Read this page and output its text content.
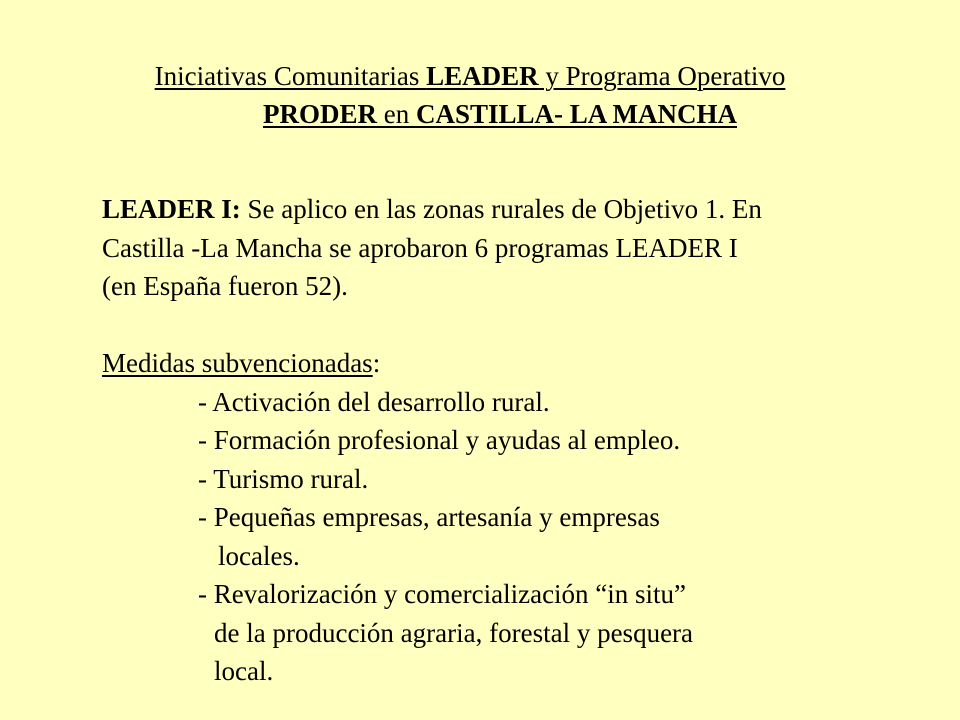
Iniciativas Comunitarias LEADER y Programa Operativo
PRODER en CASTILLA- LA MANCHA

LEADER I: Se aplico en las zonas rurales de Objetivo 1. En

Castilla -La Mancha se aprobaron 6 programas LEADER I

(en España fueron 52).

Medidas subvencionadas:

- Activación del desarrollo rural.
- Formación profesional y ayudas al empleo.
- Turismo rural.
- Pequeñas empresas, artesanía y empresas
locales.
- Revalorización y comercialización “in situ”
de la producción agraria, forestal y pesquera
local.
